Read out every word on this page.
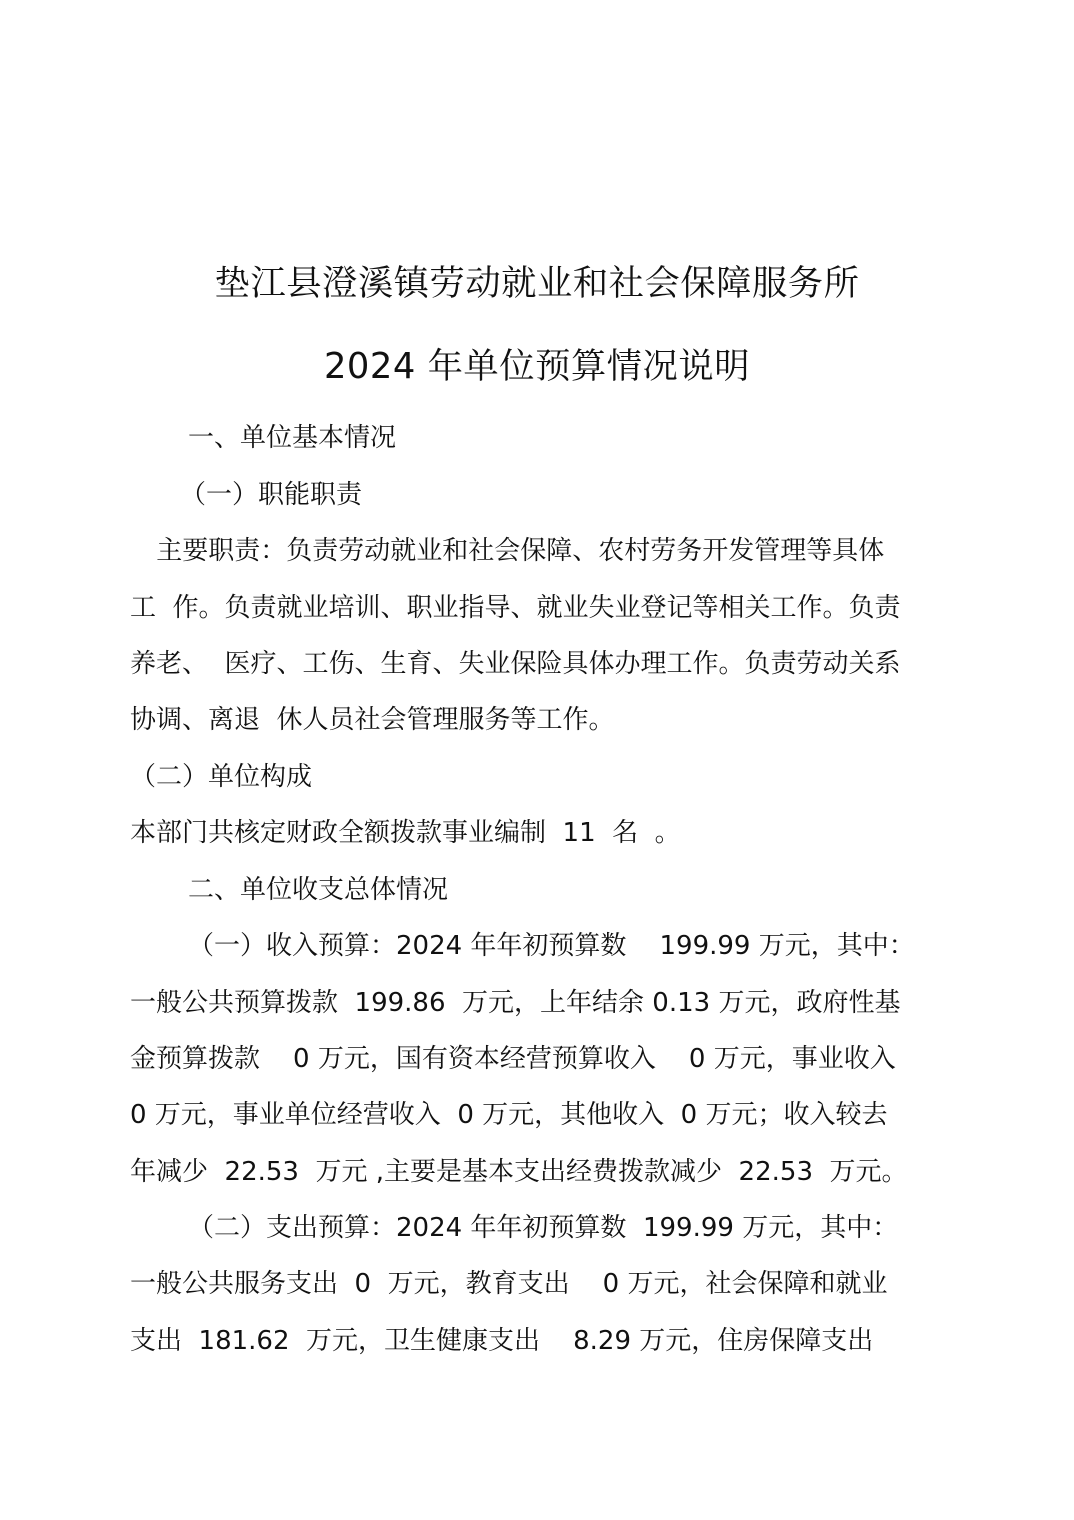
垫江县澄溪镇劳动就业和社会保障服务所
2024 年单位预算情况说明
一、单位基本情况
（一）职能职责
主要职责：负责劳动就业和社会保障、农村劳务开发管理等具体
工  作。负责就业培训、职业指导、就业失业登记等相关工作。负责
养老、  医疗、工伤、生育、失业保险具体办理工作。负责劳动关系
协调、离退  休人员社会管理服务等工作。
（二）单位构成
本部门共核定财政全额拨款事业编制  11  名  。
二、单位收支总体情况
（一）收入预算：2024 年年初预算数    199.99 万元，其中：
一般公共预算拨款  199.86  万元，上年结余 0.13 万元，政府性基
金预算拨款    0 万元，国有资本经营预算收入    0 万元，事业收入
0 万元，事业单位经营收入  0 万元，其他收入  0 万元；收入较去
年减少  22.53  万元 ,主要是基本支出经费拨款减少  22.53  万元。
（二）支出预算：2024 年年初预算数  199.99 万元，其中：
一般公共服务支出  0  万元，教育支出    0 万元，社会保障和就业
支出  181.62  万元，卫生健康支出    8.29 万元，住房保障支出
